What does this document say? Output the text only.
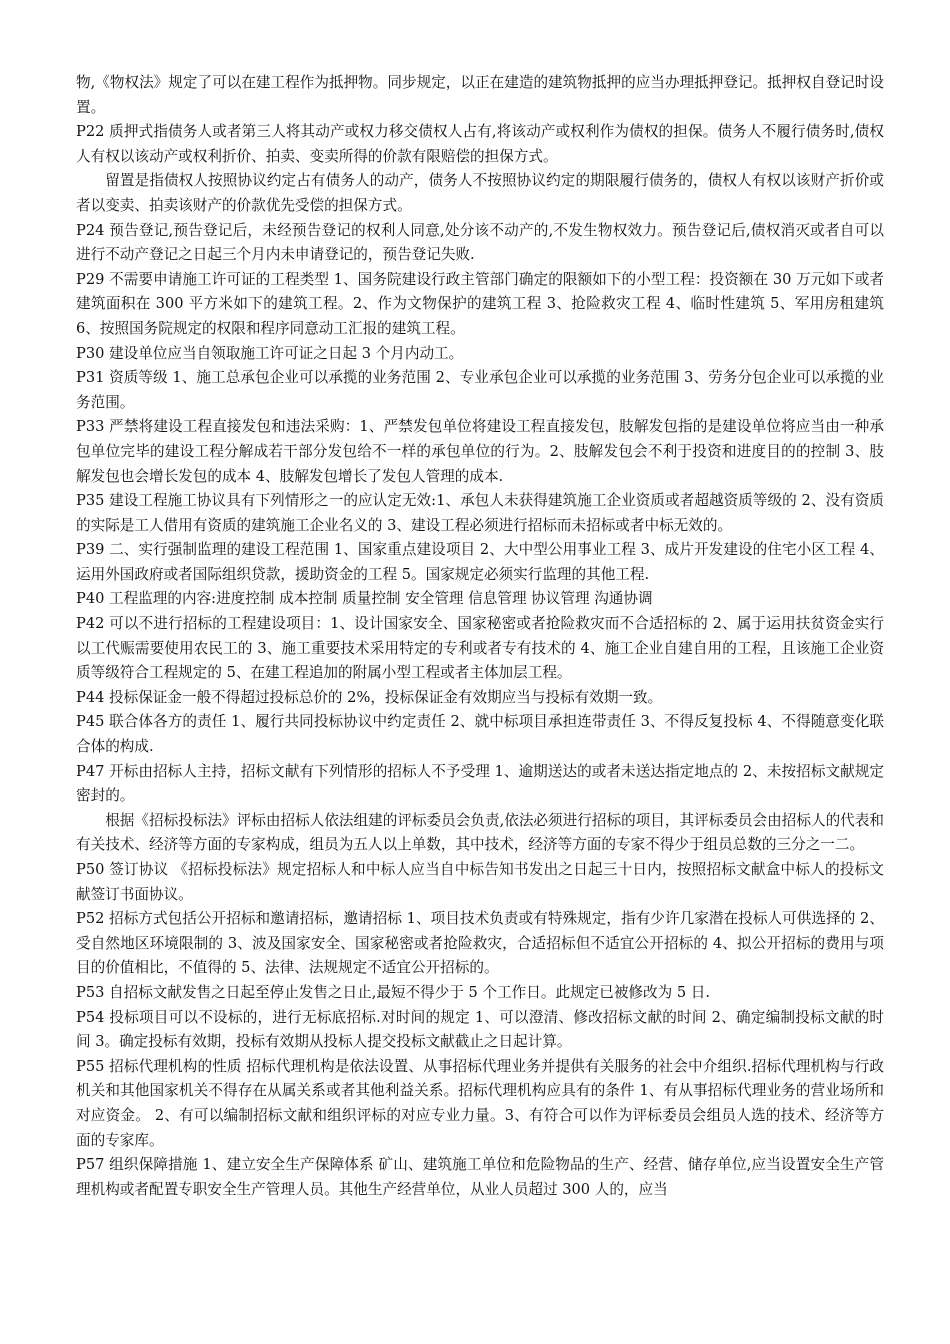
物,《物权法》规定了可以在建工程作为抵押物。同步规定，以正在建造的建筑物抵押的应当办理抵押登记。抵押权自登记时设置。

P22 质押式指债务人或者第三人将其动产或权力移交债权人占有,将该动产或权利作为债权的担保。债务人不履行债务时,债权人有权以该动产或权利折价、拍卖、变卖所得的价款有限赔偿的担保方式。

留置是指债权人按照协议约定占有债务人的动产，债务人不按照协议约定的期限履行债务的，债权人有权以该财产折价或者以变卖、拍卖该财产的价款优先受偿的担保方式。

P24 预告登记,预告登记后，未经预告登记的权利人同意,处分该不动产的,不发生物权效力。预告登记后,债权消灭或者自可以进行不动产登记之日起三个月内未申请登记的，预告登记失败.

P29 不需要申请施工许可证的工程类型 1、国务院建设行政主管部门确定的限额如下的小型工程：投资额在 30 万元如下或者建筑面积在 300 平方米如下的建筑工程。2、作为文物保护的建筑工程 3、抢险救灾工程 4、临时性建筑 5、军用房租建筑 6、按照国务院规定的权限和程序同意动工汇报的建筑工程。

P30 建设单位应当自领取施工许可证之日起 3 个月内动工。

P31 资质等级 1、施工总承包企业可以承揽的业务范围 2、专业承包企业可以承揽的业务范围 3、劳务分包企业可以承揽的业务范围。

P33 严禁将建设工程直接发包和违法采购：1、严禁发包单位将建设工程直接发包，肢解发包指的是建设单位将应当由一种承包单位完毕的建设工程分解成若干部分发包给不一样的承包单位的行为。2、肢解发包会不利于投资和进度目的的控制 3、肢解发包也会增长发包的成本 4、肢解发包增长了发包人管理的成本.

P35 建设工程施工协议具有下列情形之一的应认定无效:1、承包人未获得建筑施工企业资质或者超越资质等级的 2、没有资质的实际是工人借用有资质的建筑施工企业名义的 3、建设工程必须进行招标而未招标或者中标无效的。

P39 二、实行强制监理的建设工程范围 1、国家重点建设项目 2、大中型公用事业工程 3、成片开发建设的住宅小区工程 4、运用外国政府或者国际组织贷款，援助资金的工程 5。国家规定必须实行监理的其他工程.

P40 工程监理的内容:进度控制 成本控制 质量控制 安全管理 信息管理 协议管理 沟通协调

P42 可以不进行招标的工程建设项目：1、设计国家安全、国家秘密或者抢险救灾而不合适招标的 2、属于运用扶贫资金实行以工代赈需要使用农民工的 3、施工重要技术采用特定的专利或者专有技术的 4、施工企业自建自用的工程，且该施工企业资质等级符合工程规定的 5、在建工程追加的附属小型工程或者主体加层工程。

P44 投标保证金一般不得超过投标总价的 2%，投标保证金有效期应当与投标有效期一致。

P45 联合体各方的责任 1、履行共同投标协议中约定责任 2、就中标项目承担连带责任 3、不得反复投标 4、不得随意变化联合体的构成.

P47 开标由招标人主持，招标文献有下列情形的招标人不予受理 1、逾期送达的或者未送达指定地点的 2、未按招标文献规定密封的。

根据《招标投标法》评标由招标人依法组建的评标委员会负责,依法必须进行招标的项目，其评标委员会由招标人的代表和有关技术、经济等方面的专家构成，组员为五人以上单数，其中技术，经济等方面的专家不得少于组员总数的三分之一二。

P50 签订协议 《招标投标法》规定招标人和中标人应当自中标告知书发出之日起三十日内，按照招标文献盒中标人的投标文献签订书面协议。

P52 招标方式包括公开招标和邀请招标，邀请招标 1、项目技术负责或有特殊规定，指有少许几家潜在投标人可供选择的 2、受自然地区环境限制的 3、波及国家安全、国家秘密或者抢险救灾，合适招标但不适宜公开招标的 4、拟公开招标的费用与项目的价值相比，不值得的 5、法律、法规规定不适宜公开招标的。

P53 自招标文献发售之日起至停止发售之日止,最短不得少于 5 个工作日。此规定已被修改为 5 日.

P54 投标项目可以不设标的，进行无标底招标.对时间的规定 1、可以澄清、修改招标文献的时间 2、确定编制投标文献的时间 3。确定投标有效期，投标有效期从投标人提交投标文献截止之日起计算。

P55 招标代理机构的性质 招标代理机构是依法设置、从事招标代理业务并提供有关服务的社会中介组织.招标代理机构与行政机关和其他国家机关不得存在从属关系或者其他利益关系。招标代理机构应具有的条件 1、有从事招标代理业务的营业场所和对应资金。 2、有可以编制招标文献和组织评标的对应专业力量。3、有符合可以作为评标委员会组员人选的技术、经济等方面的专家库。

P57 组织保障措施 1、建立安全生产保障体系 矿山、建筑施工单位和危险物品的生产、经营、储存单位,应当设置安全生产管理机构或者配置专职安全生产管理人员。其他生产经营单位，从业人员超过 300 人的，应当
